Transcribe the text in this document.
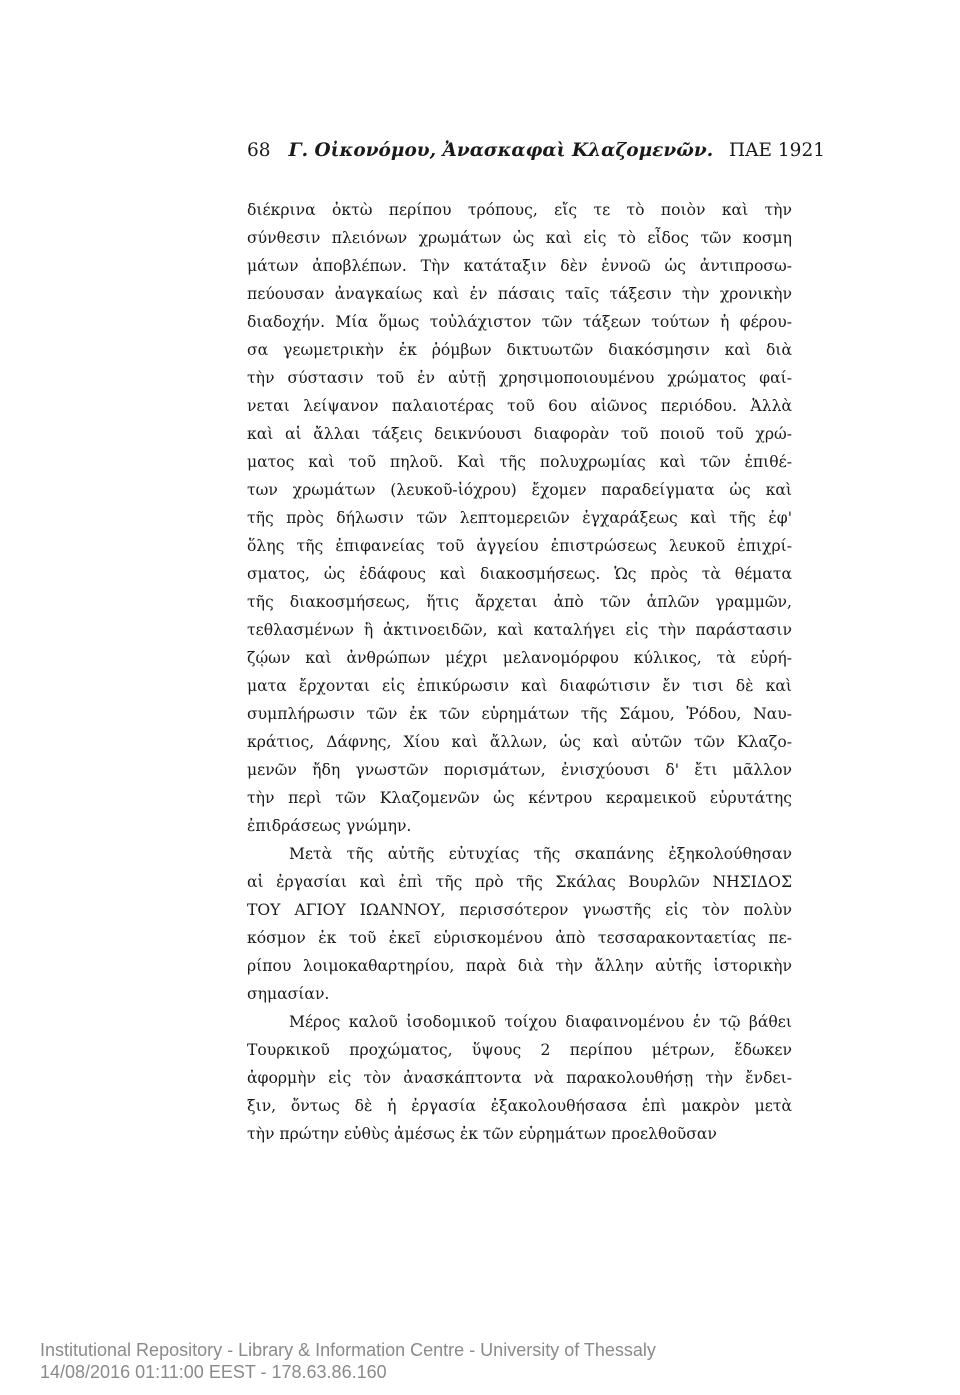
68 Γ. Οἰκονόμου, Ἀνασκαφαὶ Κλαζομενῶν. ΠΑΕ 1921
διέκρινα ὀκτὼ περίπου τρόπους, εἴς τε τὸ ποιὸν καὶ τὴν
σύνθεσιν πλειόνων χρωμάτων ὡς καὶ εἰς τὸ εἶδος τῶν κοσμη
μάτων ἀποβλέπων. Τὴν κατάταξιν δὲν ἐννοῶ ὡς ἀντιπροσω-
πεύουσαν ἀναγκαίως καὶ ἐν πάσαις ταῖς τάξεσιν τὴν χρονικὴν
διαδοχήν. Μία ὅμως τοὐλάχιστον τῶν τάξεων τούτων ἡ φέρου-
σα γεωμετρικὴν ἐκ ῥόμβων δικτυωτῶν διακόσμησιν καὶ διὰ
τὴν σύστασιν τοῦ ἐν αὐτῇ χρησιμοποιουμένου χρώματος φαί-
νεται λείψανον παλαιοτέρας τοῦ 6ου αἰῶνος περιόδου. Ἀλλὰ
καὶ αἱ ἄλλαι τάξεις δεικνύουσι διαφορὰν τοῦ ποιοῦ τοῦ χρώ-
ματος καὶ τοῦ πηλοῦ. Καὶ τῆς πολυχρωμίας καὶ τῶν ἐπιθέ-
των χρωμάτων (λευκοῦ-ἰόχρου) ἔχομεν παραδείγματα ὡς καὶ
τῆς πρὸς δήλωσιν τῶν λεπτομερειῶν ἐγχαράξεως καὶ τῆς ἐφ'
ὅλης τῆς ἐπιφανείας τοῦ ἀγγείου ἐπιστρώσεως λευκοῦ ἐπιχρί-
σματος, ὡς ἐδάφους καὶ διακοσμήσεως. Ὡς πρὸς τὰ θέματα
τῆς διακοσμήσεως, ἥτις ἄρχεται ἀπὸ τῶν ἁπλῶν γραμμῶν,
τεθλασμένων ἢ ἀκτινοειδῶν, καὶ καταλήγει εἰς τὴν παράστασιν
ζῴων καὶ ἀνθρώπων μέχρι μελανομόρφου κύλικος, τὰ εὑρή-
ματα ἔρχονται εἰς ἐπικύρωσιν καὶ διαφώτισιν ἔν τισι δὲ καὶ
συμπλήρωσιν τῶν ἐκ τῶν εὑρημάτων τῆς Σάμου, Ῥόδου, Ναυ-
κράτιος, Δάφνης, Χίου καὶ ἄλλων, ὡς καὶ αὐτῶν τῶν Κλαζο-
μενῶν ἤδη γνωστῶν πορισμάτων, ἐνισχύουσι δ' ἔτι μᾶλλον
τὴν περὶ τῶν Κλαζομενῶν ὡς κέντρου κεραμεικοῦ εὐρυτάτης
ἐπιδράσεως γνώμην.
Μετὰ τῆς αὐτῆς εὐτυχίας τῆς σκαπάνης ἐξηκολούθησαν
αἱ ἐργασίαι καὶ ἐπὶ τῆς πρὸ τῆς Σκάλας Βουρλῶν ΝΗΣΙΔΟΣ
ΤΟΥ ΑΓΙΟΥ ΙΩΑΝΝΟΥ, περισσότερον γνωστῆς εἰς τὸν πολὺν
κόσμον ἐκ τοῦ ἐκεῖ εὑρισκομένου ἀπὸ τεσσαρακονταετίας πε-
ρίπου λοιμοκαθαρτηρίου, παρὰ διὰ τὴν ἄλλην αὐτῆς ἱστορικὴν
σημασίαν.
Μέρος καλοῦ ἰσοδομικοῦ τοίχου διαφαινομένου ἐν τῷ βάθει
Τουρκικοῦ προχώματος, ὕψους 2 περίπου μέτρων, ἔδωκεν
ἀφορμὴν εἰς τὸν ἀνασκάπτοντα νὰ παρακολουθήσῃ τὴν ἔνδει-
ξιν, ὄντως δὲ ἡ ἐργασία ἐξακολουθήσασα ἐπὶ μακρὸν μετὰ
τὴν πρώτην εὐθὺς ἀμέσως ἐκ τῶν εὑρημάτων προελθοῦσαν
Institutional Repository - Library & Information Centre - University of Thessaly
14/08/2016 01:11:00 EEST - 178.63.86.160
